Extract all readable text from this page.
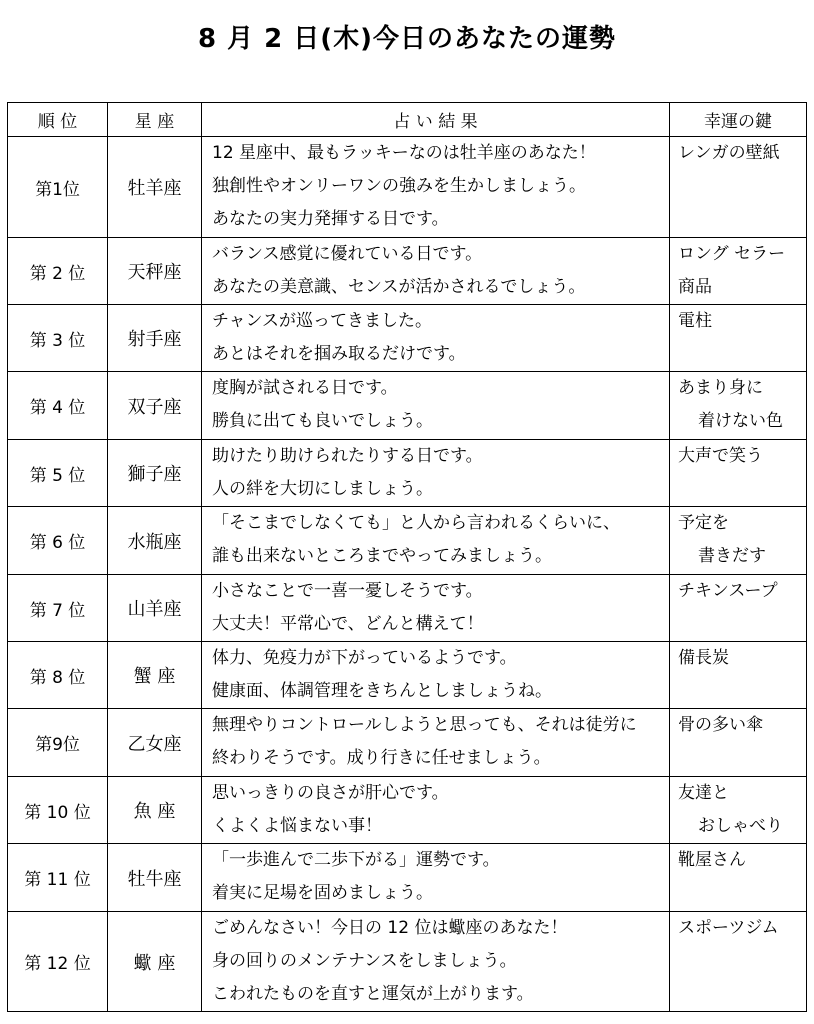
8 月 2 日(木)今日のあなたの運勢
順 位	星 座	占 い 結 果	幸運の鍵
第1位	牡羊座	12 星座中、最もラッキーなのは牡羊座のあなた！
独創性やオンリーワンの強みを生かしましょう。
あなたの実力発揮する日です。	レンガの壁紙

第 2 位	天秤座	バランス感覚に優れている日です。
あなたの美意識、センスが活かされるでしょう。	ロング セラー
商品

第 3 位	射手座	チャンスが巡ってきました。
あとはそれを掴み取るだけです。	電柱

第 4 位	双子座	度胸が試される日です。
勝負に出ても良いでしょう。	あまり身に
着けない色

第 5 位	獅子座	助けたり助けられたりする日です。
人の絆を大切にしましょう。	大声で笑う

第 6 位	水瓶座	「そこまでしなくても」と人から言われるくらいに、
誰も出来ないところまでやってみましょう。	予定を
書きだす

第 7 位	山羊座	小さなことで一喜一憂しそうです。
大丈夫！平常心で、どんと構えて！	チキンスープ

第 8 位	蟹 座	体力、免疫力が下がっているようです。
健康面、体調管理をきちんとしましょうね。	備長炭

第9位	乙女座	無理やりコントロールしようと思っても、それは徒労に
終わりそうです。成り行きに任せましょう。	骨の多い傘

第 10 位	魚 座	思いっきりの良さが肝心です。
くよくよ悩まない事！	友達と
おしゃべり

第 11 位	牡牛座	「一歩進んで二歩下がる」運勢です。
着実に足場を固めましょう。	靴屋さん

第 12 位	蠍 座	ごめんなさい！今日の 12 位は蠍座のあなた！
身の回りのメンテナンスをしましょう。
こわれたものを直すと運気が上がります。	スポーツジム
